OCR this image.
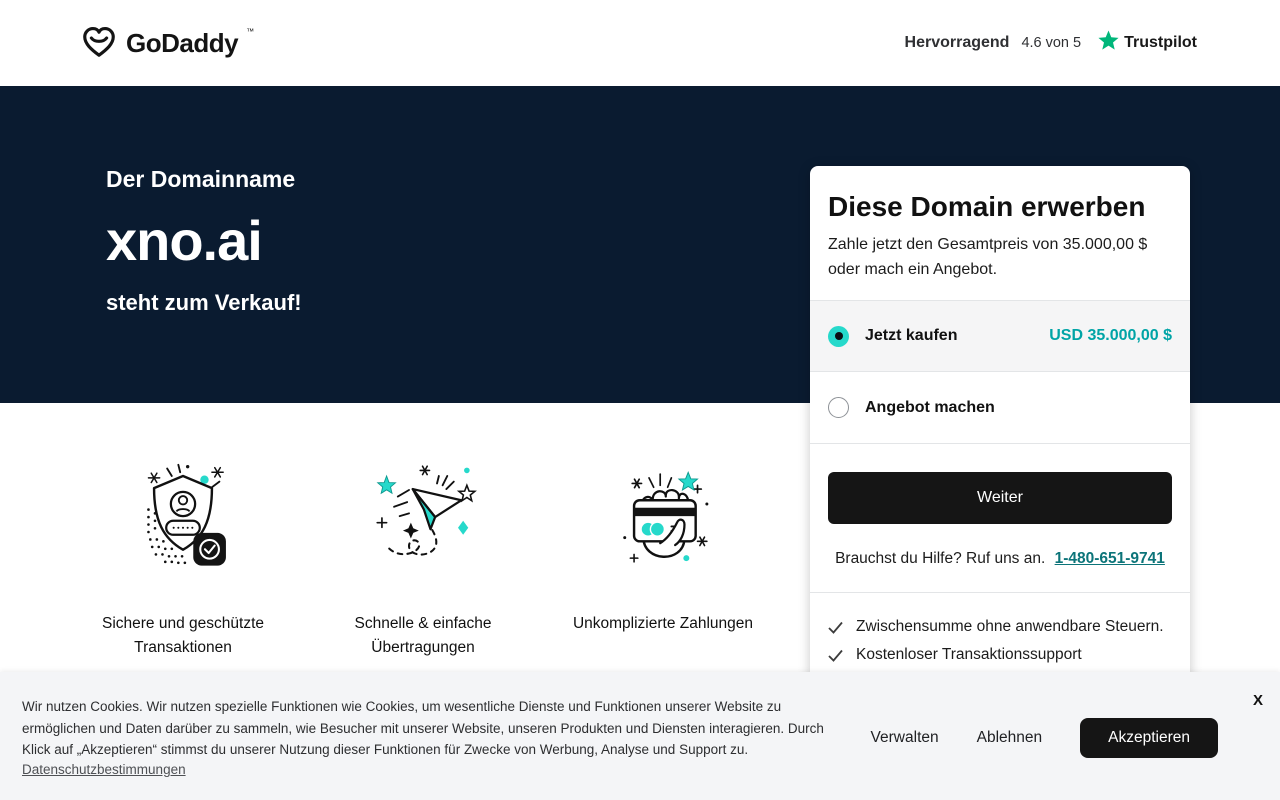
GoDaddy ™
Hervorragend 4.6 von 5	Trustpilot
Der Domainname
xno.ai
steht zum Verkauf!
Sichere und geschützte Transaktionen
Schnelle & einfache Übertragungen
Unkomplizierte Zahlungen
Diese Domain erwerben
Zahle jetzt den Gesamtpreis von 35.000,00 $ oder mach ein Angebot.
Jetzt kaufen	USD 35.000,00 $
Angebot machen
Weiter
Brauchst du Hilfe? Ruf uns an. 1-480-651-9741
Zwischensumme ohne anwendbare Steuern.
Kostenloser Transaktionssupport
Wir nutzen Cookies. Wir nutzen spezielle Funktionen wie Cookies, um wesentliche Dienste und Funktionen unserer Website zu ermöglichen und Daten darüber zu sammeln, wie Besucher mit unserer Website, unseren Produkten und Diensten interagieren. Durch Klick auf „Akzeptieren“ stimmst du unserer Nutzung dieser Funktionen für Zwecke von Werbung, Analyse und Support zu.
Datenschutzbestimmungen
Verwalten Ablehnen	Akzeptieren
X
